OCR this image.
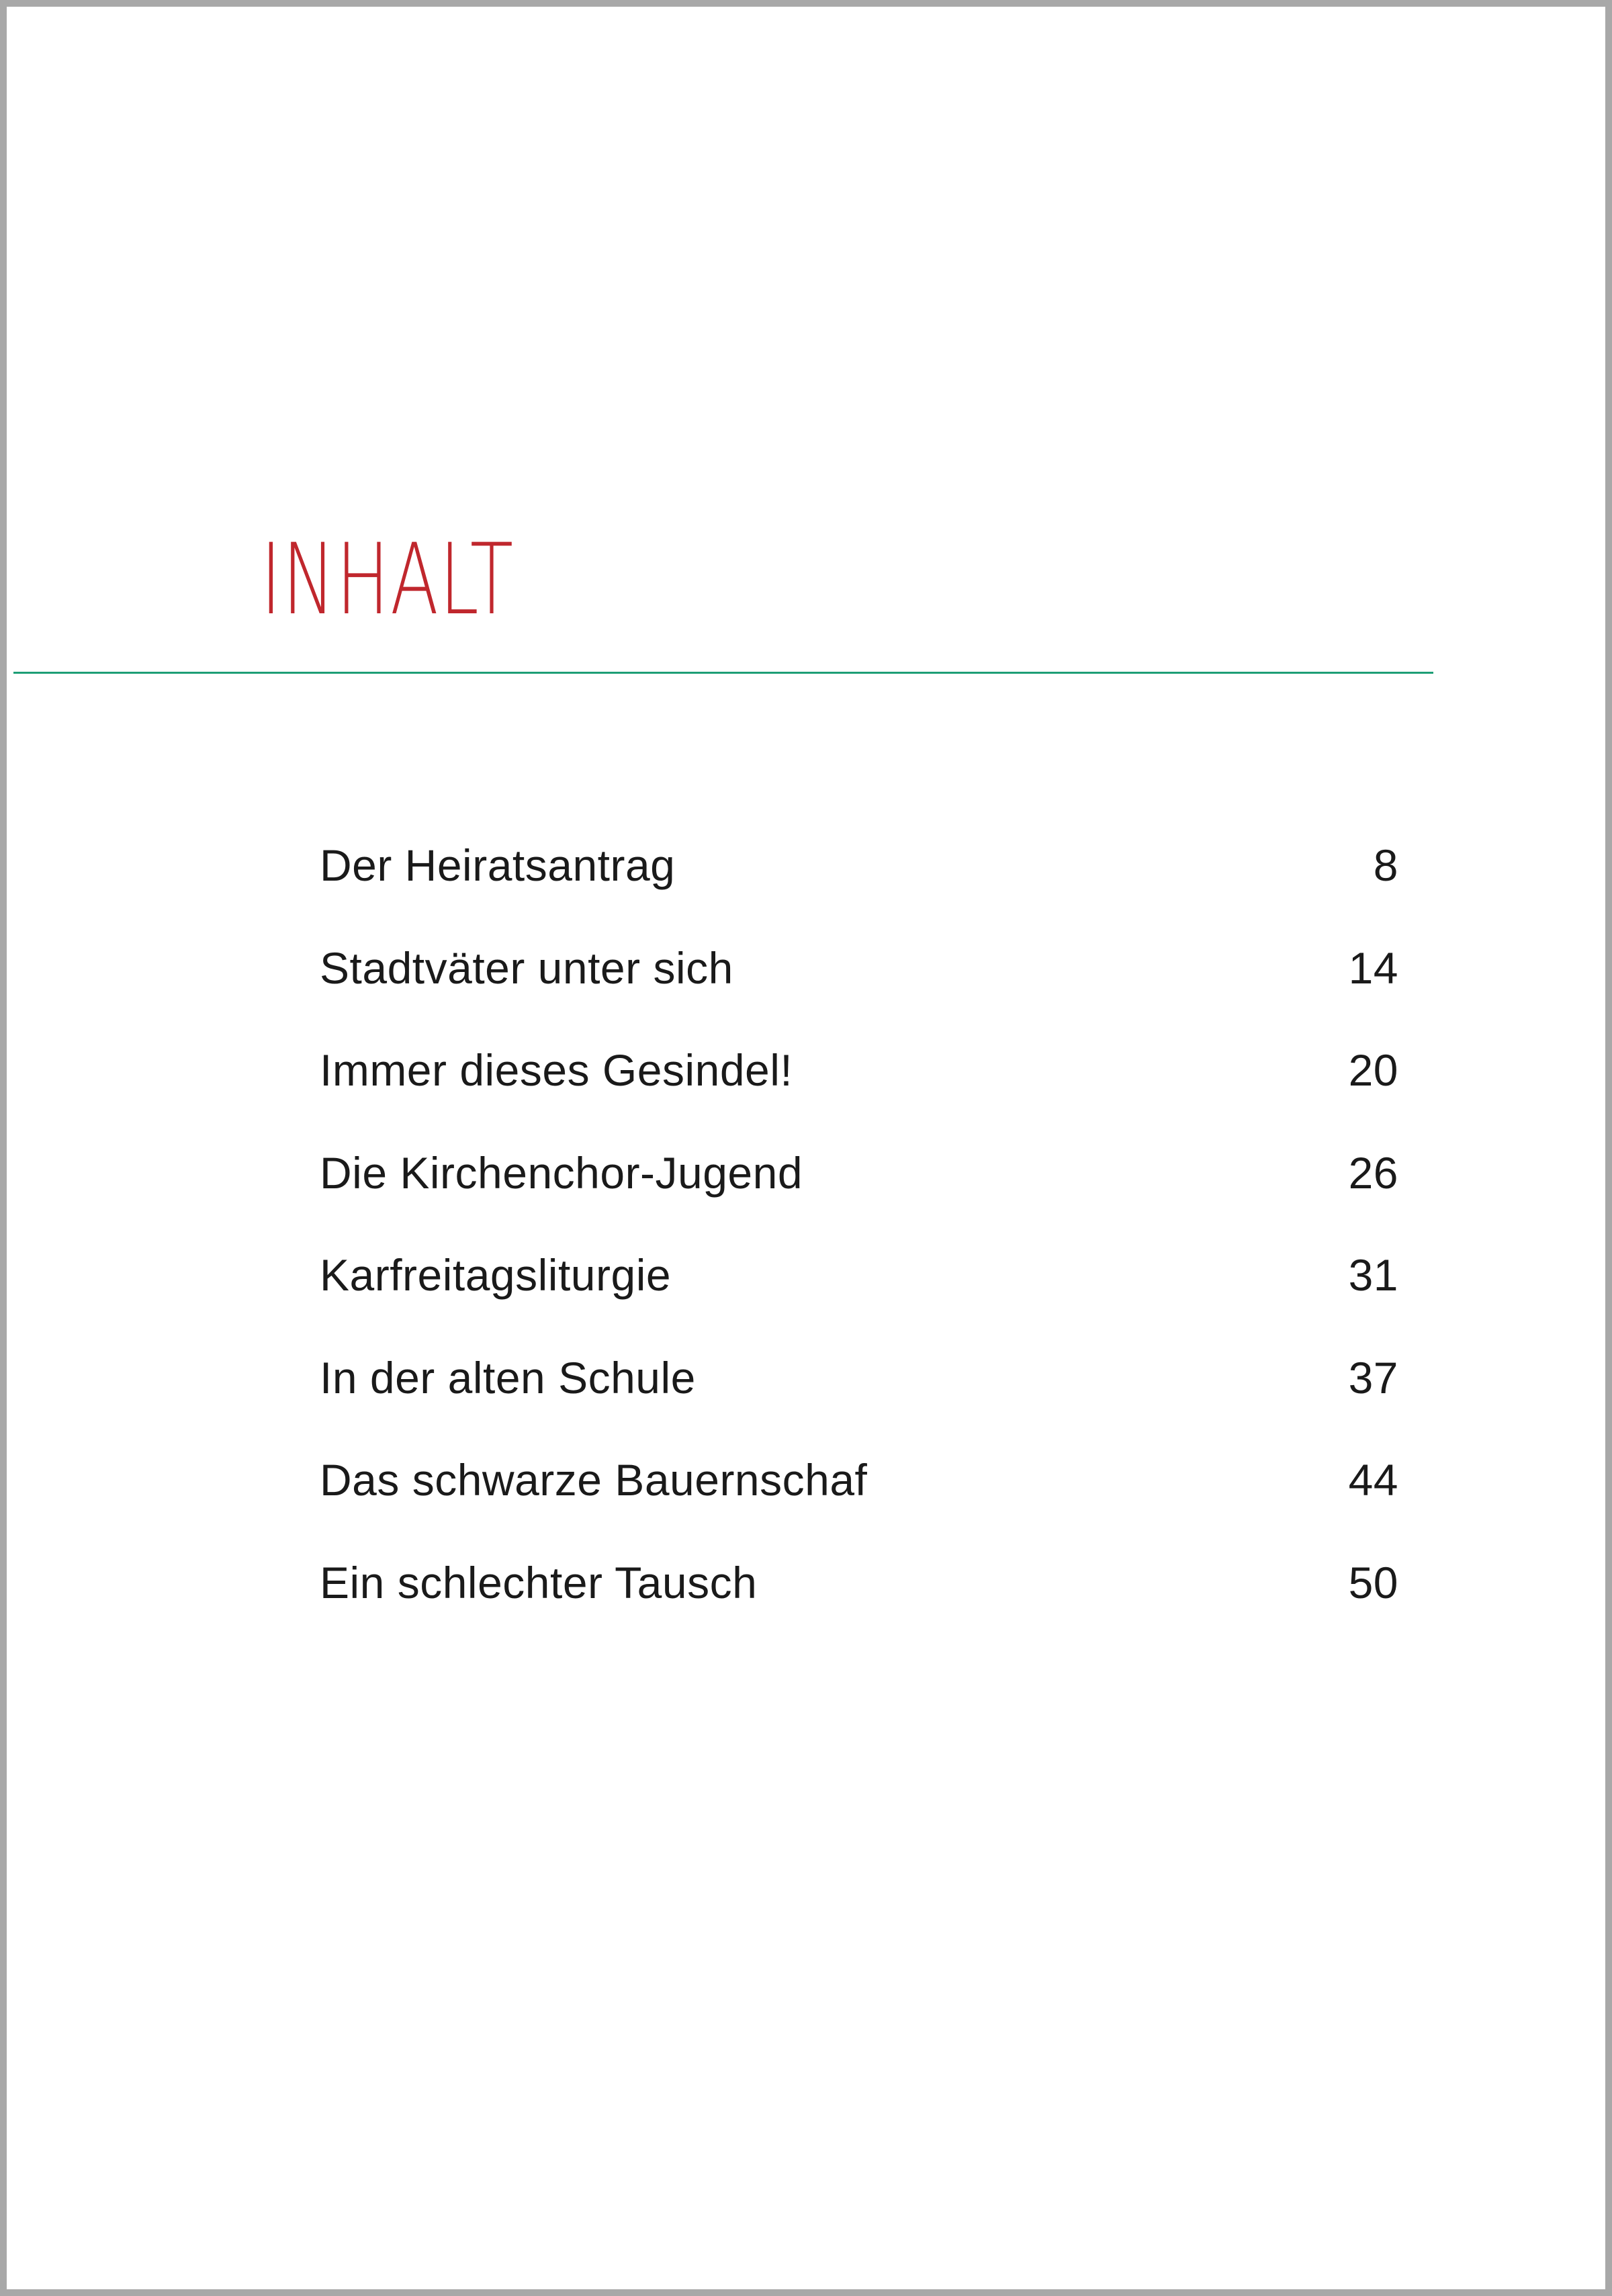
INHALT
Der Heiratsantrag	8
Stadtväter unter sich	14
Immer dieses Gesindel!	20
Die Kirchenchor-Jugend	26
Karfreitagsliturgie	31
In der alten Schule	37
Das schwarze Bauernschaf	44
Ein schlechter Tausch	50
